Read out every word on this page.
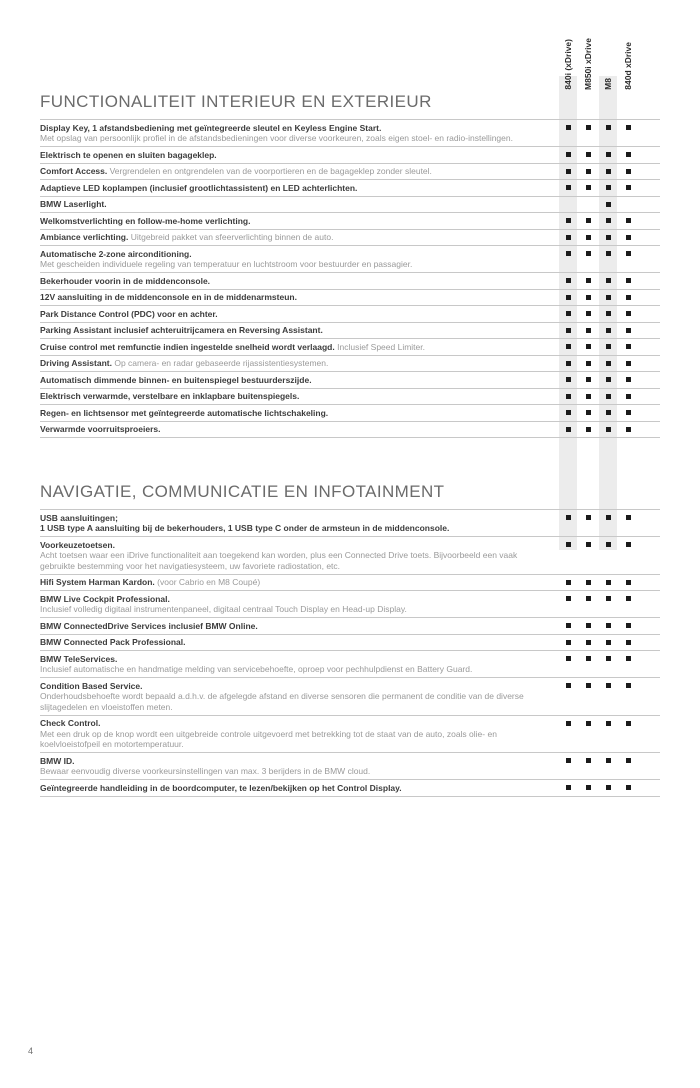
840i (xDrive) M850i xDrive M8 840d xDrive
FUNCTIONALITEIT INTERIEUR EN EXTERIEUR
Display Key, 1 afstandsbediening met geïntegreerde sleutel en Keyless Engine Start.
Met opslag van persoonlijk profiel in de afstandsbedieningen voor diverse voorkeuren, zoals eigen stoel- en radio-instellingen.
Elektrisch te openen en sluiten bagageklep.
Comfort Access. Vergrendelen en ontgrendelen van de voorportieren en de bagageklep zonder sleutel.
Adaptieve LED koplampen (inclusief grootlichtassistent) en LED achterlichten.
BMW Laserlight.
Welkomstverlichting en follow-me-home verlichting.
Ambiance verlichting. Uitgebreid pakket van sfeerverlichting binnen de auto.
Automatische 2-zone airconditioning.
Met gescheiden individuele regeling van temperatuur en luchtstroom voor bestuurder en passagier.
Bekerhouder voorin in de middenconsole.
12V aansluiting in de middenconsole en in de middenarmsteun.
Park Distance Control (PDC) voor en achter.
Parking Assistant inclusief achteruitrijcamera en Reversing Assistant.
Cruise control met remfunctie indien ingestelde snelheid wordt verlaagd. Inclusief Speed Limiter.
Driving Assistant. Op camera- en radar gebaseerde rijassistentiesystemen.
Automatisch dimmende binnen- en buitenspiegel bestuurderszijde.
Elektrisch verwarmde, verstelbare en inklapbare buitenspiegels.
Regen- en lichtsensor met geïntegreerde automatische lichtschakeling.
Verwarmde voorruitsproeiers.
NAVIGATIE, COMMUNICATIE EN INFOTAINMENT
USB aansluitingen;
1 USB type A aansluiting bij de bekerhouders, 1 USB type C onder de armsteun in de middenconsole.
Voorkeuzetoetsen.
Acht toetsen waar een iDrive functionaliteit aan toegekend kan worden, plus een Connected Drive toets. Bijvoorbeeld een vaak gebruikte bestemming voor het navigatiesysteem, uw favoriete radiostation, etc.
Hifi System Harman Kardon. (voor Cabrio en M8 Coupé)
BMW Live Cockpit Professional.
Inclusief volledig digitaal instrumentenpaneel, digitaal centraal Touch Display en Head-up Display.
BMW ConnectedDrive Services inclusief BMW Online.
BMW Connected Pack Professional.
BMW TeleServices.
Inclusief automatische en handmatige melding van servicebehoefte, oproep voor pechhulpdienst en Battery Guard.
Condition Based Service.
Onderhoudsbehoefte wordt bepaald a.d.h.v. de afgelegde afstand en diverse sensoren die permanent de conditie van de diverse slijtagedelen en vloeistoffen meten.
Check Control.
Met een druk op de knop wordt een uitgebreide controle uitgevoerd met betrekking tot de staat van de auto, zoals olie- en koelvloeistofpeil en motortemperatuur.
BMW ID.
Bewaar eenvoudig diverse voorkeursinstellingen van max. 3 berijders in de BMW cloud.
Geïntegreerde handleiding in de boordcomputer, te lezen/bekijken op het Control Display.
4
